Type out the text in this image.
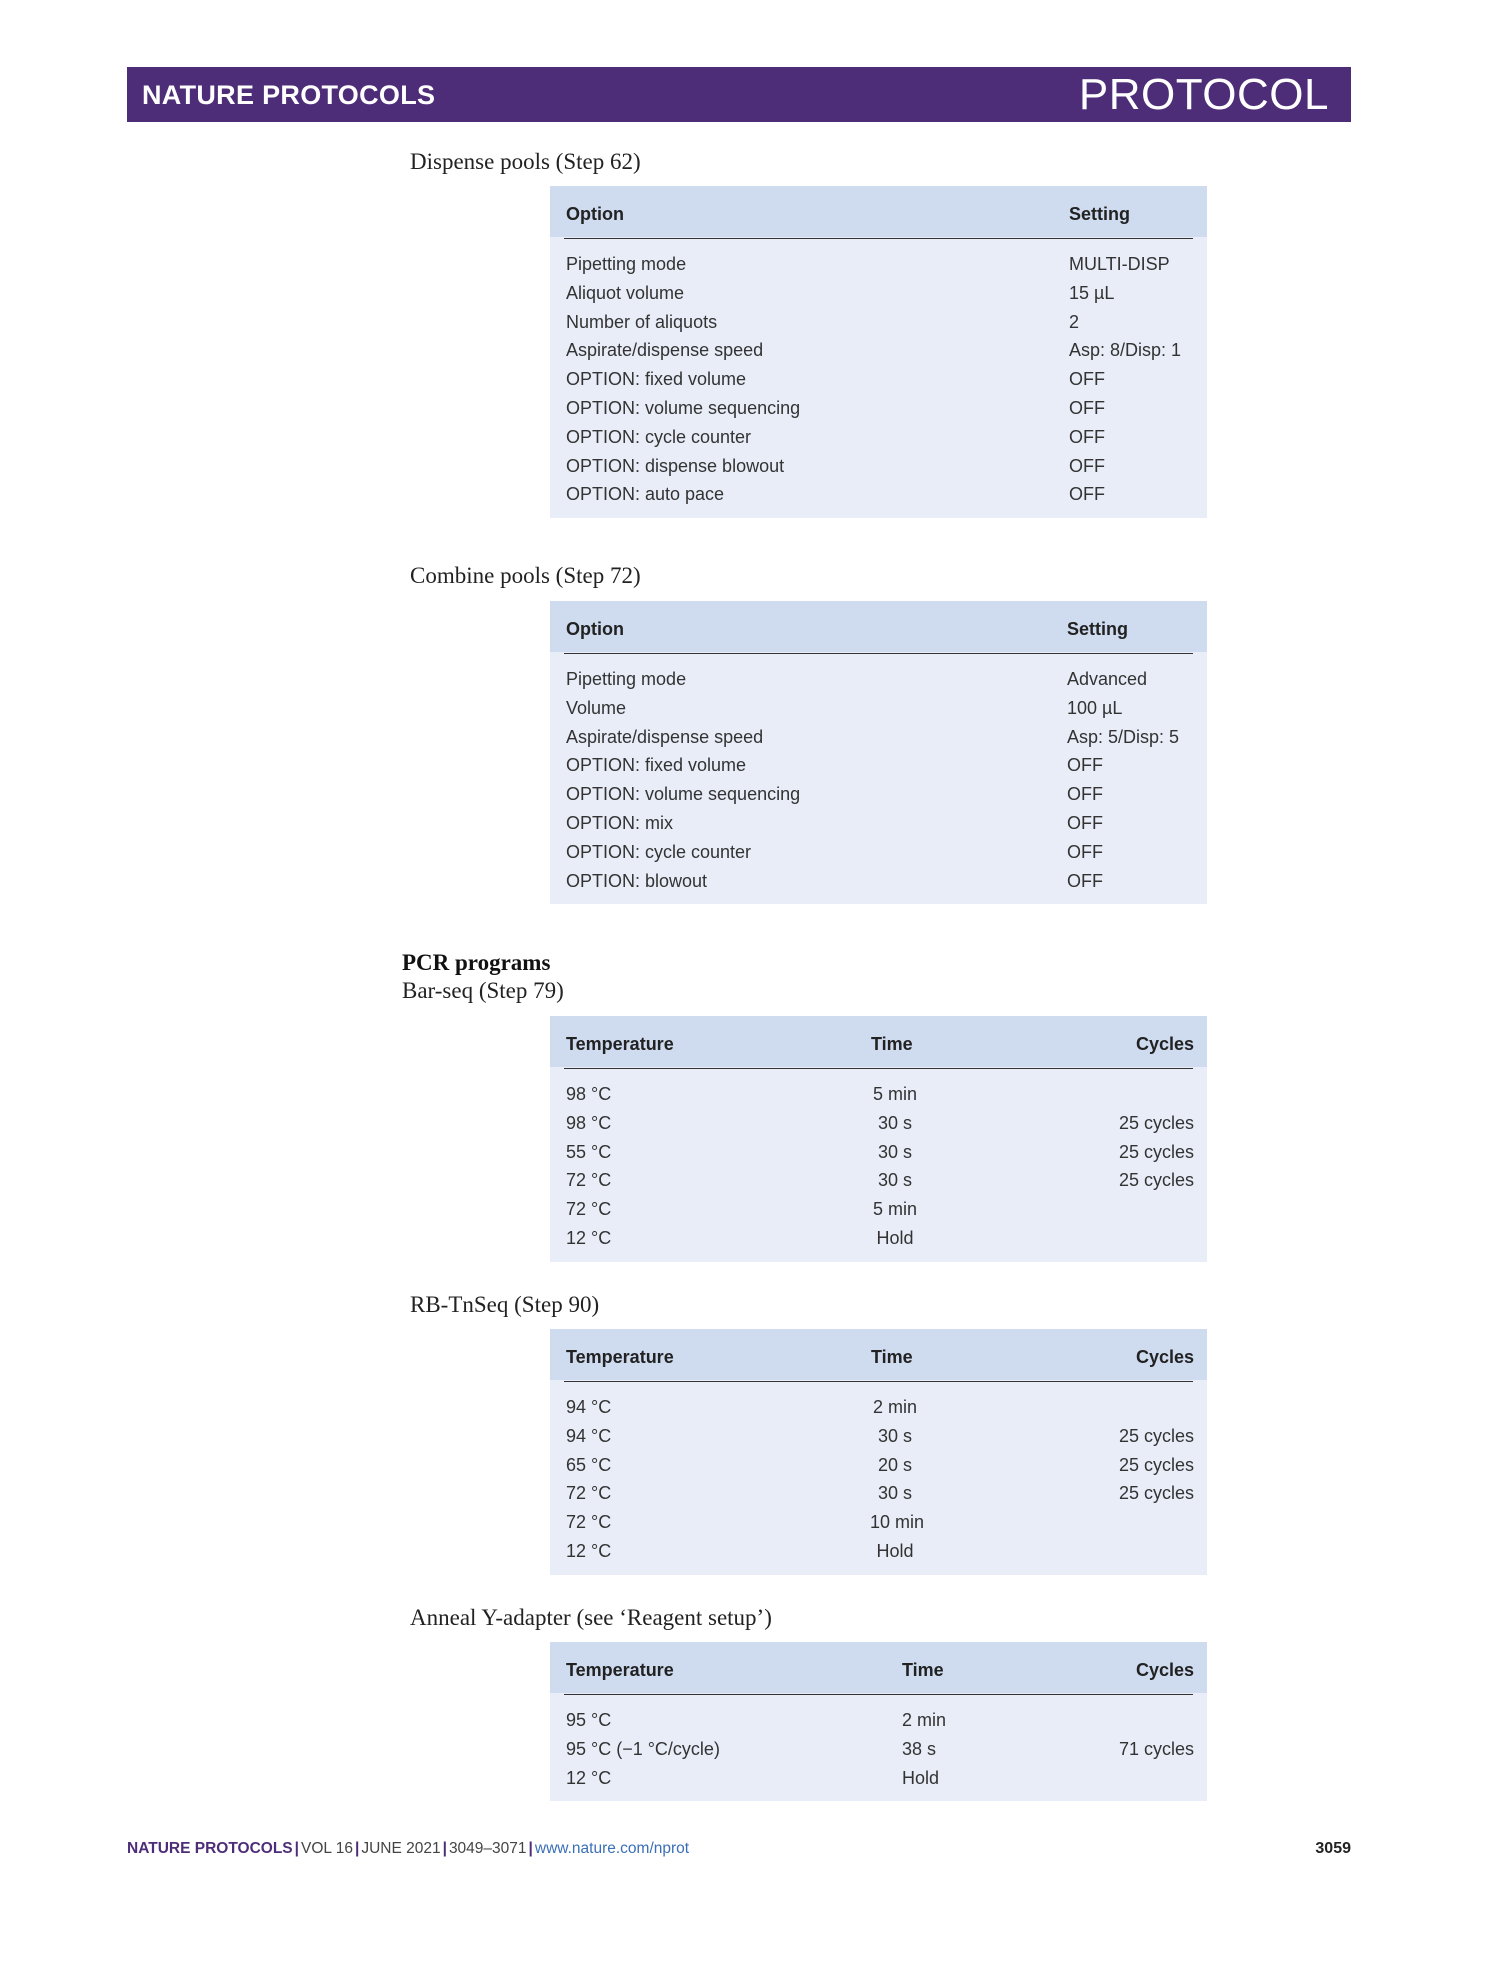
NATURE PROTOCOLS	PROTOCOL
Dispense pools (Step 62)
Option	Setting
Pipetting mode	MULTI-DISP
Aliquot volume	15 µL
Number of aliquots	2
Aspirate/dispense speed	Asp: 8/Disp: 1
OPTION: fixed volume	OFF
OPTION: volume sequencing	OFF
OPTION: cycle counter	OFF
OPTION: dispense blowout	OFF
OPTION: auto pace	OFF
Combine pools (Step 72)
Option	Setting
Pipetting mode	Advanced
Volume	100 µL
Aspirate/dispense speed	Asp: 5/Disp: 5
OPTION: fixed volume	OFF
OPTION: volume sequencing	OFF
OPTION: mix	OFF
OPTION: cycle counter	OFF
OPTION: blowout	OFF
PCR programs
Bar-seq (Step 79)
Temperature	Time	Cycles
98 °C	5 min
98 °C	30 s	25 cycles
55 °C	30 s	25 cycles
72 °C	30 s	25 cycles
72 °C	5 min
12 °C	Hold
RB-TnSeq (Step 90)
Temperature	Time	Cycles
94 °C	2 min
94 °C	30 s	25 cycles
65 °C	20 s	25 cycles
72 °C	30 s	25 cycles
72 °C	10 min
12 °C	Hold
Anneal Y-adapter (see ‘Reagent setup’)
Temperature	Time	Cycles
95 °C	2 min
95 °C (−1 °C/cycle)	38 s	71 cycles
12 °C	Hold
NATURE PROTOCOLS | VOL 16 | JUNE 2021 | 3049–3071 | www.nature.com/nprot	3059
